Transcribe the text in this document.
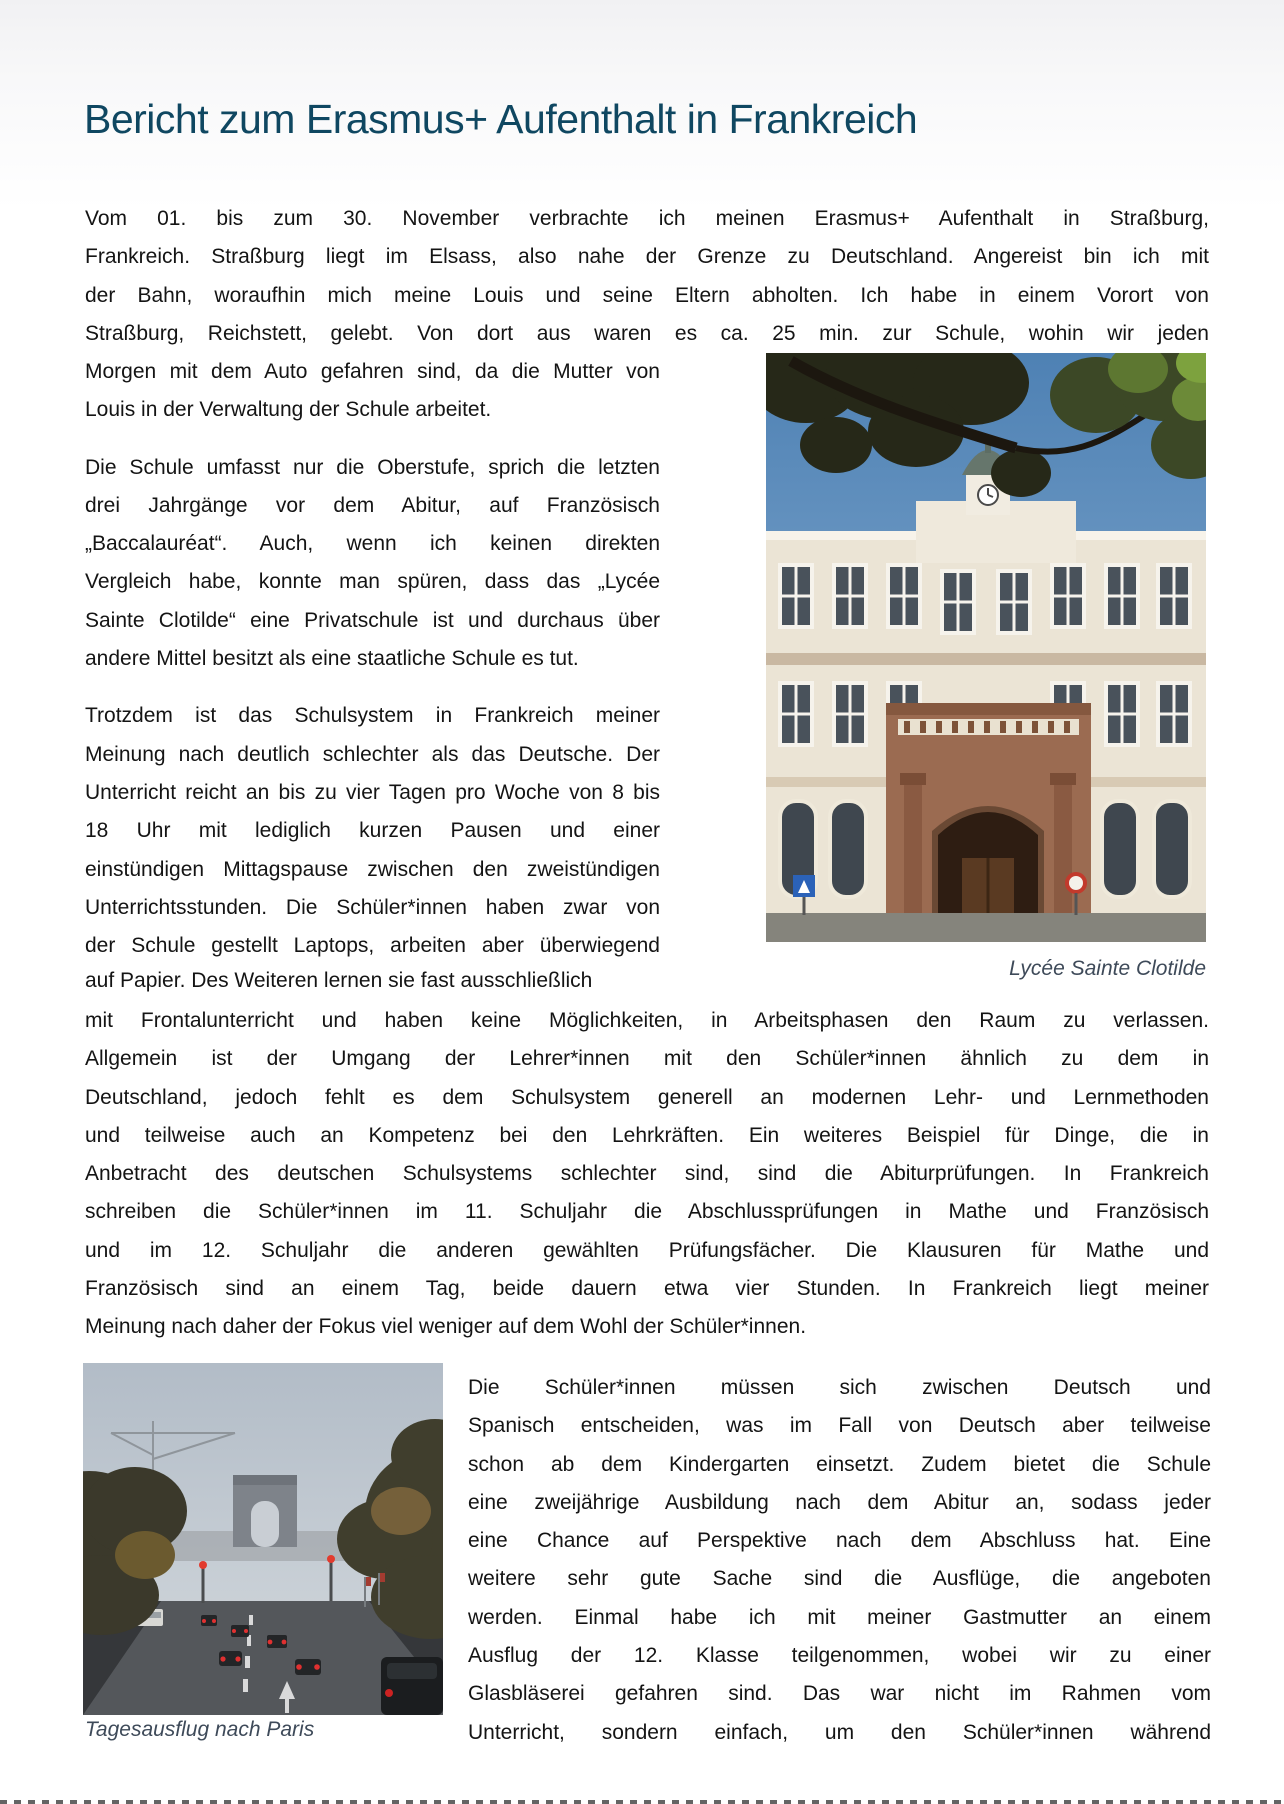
Bericht zum Erasmus+ Aufenthalt in Frankreich
Vom 01. bis zum 30. November verbrachte ich meinen Erasmus+ Aufenthalt in Straßburg,
Frankreich. Straßburg liegt im Elsass, also nahe der Grenze zu Deutschland. Angereist bin ich mit
der Bahn, woraufhin mich meine Louis und seine Eltern abholten. Ich habe in einem Vorort von
Straßburg, Reichstett, gelebt. Von dort aus waren es ca. 25 min. zur Schule, wohin wir jeden
Morgen mit dem Auto gefahren sind, da die Mutter von
Louis in der Verwaltung der Schule arbeitet.
Die Schule umfasst nur die Oberstufe, sprich die letzten
drei Jahrgänge vor dem Abitur, auf Französisch
„Baccalauréat“. Auch, wenn ich keinen direkten
Vergleich habe, konnte man spüren, dass das „Lycée
Sainte Clotilde“ eine Privatschule ist und durchaus über
andere Mittel besitzt als eine staatliche Schule es tut.
Trotzdem ist das Schulsystem in Frankreich meiner
Meinung nach deutlich schlechter als das Deutsche. Der
Unterricht reicht an bis zu vier Tagen pro Woche von 8 bis
18 Uhr mit lediglich kurzen Pausen und einer
einstündigen Mittagspause zwischen den zweistündigen
Unterrichtsstunden. Die Schüler*innen haben zwar von
der Schule gestellt Laptops, arbeiten aber überwiegend
Lycée Sainte Clotilde
auf Papier. Des Weiteren lernen sie fast ausschließlich
mit Frontalunterricht und haben keine Möglichkeiten, in Arbeitsphasen den Raum zu verlassen.
Allgemein ist der Umgang der Lehrer*innen mit den Schüler*innen ähnlich zu dem in
Deutschland, jedoch fehlt es dem Schulsystem generell an modernen Lehr- und Lernmethoden
und teilweise auch an Kompetenz bei den Lehrkräften. Ein weiteres Beispiel für Dinge, die in
Anbetracht des deutschen Schulsystems schlechter sind, sind die Abiturprüfungen. In Frankreich
schreiben die Schüler*innen im 11. Schuljahr die Abschlussprüfungen in Mathe und Französisch
und im 12. Schuljahr die anderen gewählten Prüfungsfächer. Die Klausuren für Mathe und
Französisch sind an einem Tag, beide dauern etwa vier Stunden. In Frankreich liegt meiner
Meinung nach daher der Fokus viel weniger auf dem Wohl der Schüler*innen.
Tagesausflug nach Paris
Die Schüler*innen müssen sich zwischen Deutsch und
Spanisch entscheiden, was im Fall von Deutsch aber teilweise
schon ab dem Kindergarten einsetzt. Zudem bietet die Schule
eine zweijährige Ausbildung nach dem Abitur an, sodass jeder
eine Chance auf Perspektive nach dem Abschluss hat. Eine
weitere sehr gute Sache sind die Ausflüge, die angeboten
werden. Einmal habe ich mit meiner Gastmutter an einem
Ausflug der 12. Klasse teilgenommen, wobei wir zu einer
Glasbläserei gefahren sind. Das war nicht im Rahmen vom
Unterricht, sondern einfach, um den Schüler*innen während
